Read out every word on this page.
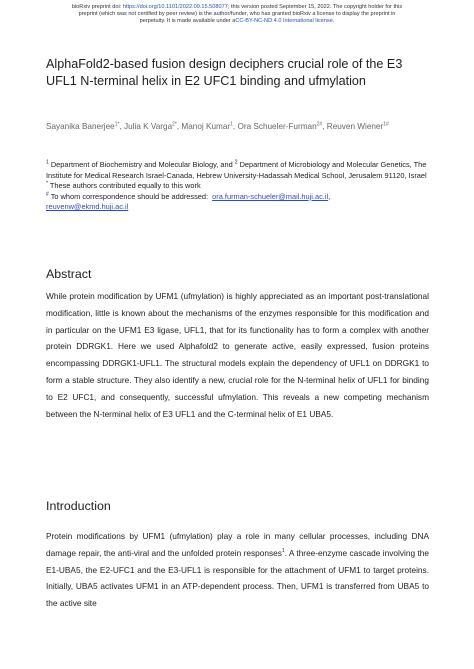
bioRxiv preprint doi: https://doi.org/10.1101/2022.09.15.508077; this version posted September 15, 2022. The copyright holder for this
preprint (which was not certified by peer review) is the author/funder, who has granted bioRxiv a license to display the preprint in
perpetuity. It is made available under aCC-BY-NC-ND 4.0 International license.
AlphaFold2-based fusion design deciphers crucial role of the E3 UFL1 N-terminal helix in E2 UFC1 binding and ufmylation
Sayanika Banerjee$^{1*}$, Julia K Varga$^{2*}$, Manoj Kumar$^1$, Ora Schueler-Furman$^{2\#}$, Reuven Wiener$^{1\#}$
$^1$ Department of Biochemistry and Molecular Biology, and $^2$ Department of Microbiology and Molecular Genetics, The Institute for Medical Research Israel-Canada, Hebrew University-Hadassah Medical School, Jerusalem 91120, Israel
* These authors contributed equally to this work
# To whom correspondence should be addressed: ora.furman-schueler@mail.huji.ac.il,
reuvenw@ekmd.huji.ac.il
Abstract

While protein modification by UFM1 (ufmylation) is highly appreciated as an important post-translational modification, little is known about the mechanisms of the enzymes responsible for this modification and in particular on the UFM1 E3 ligase, UFL1, that for its functionality has to form a complex with another protein DDRGK1. Here we used Alphafold2 to generate active, easily expressed, fusion proteins encompassing DDRGK1-UFL1. The structural models explain the dependency of UFL1 on DDRGK1 to form a stable structure. They also identify a new, crucial role for the N-terminal helix of UFL1 for binding to E2 UFC1, and consequently, successful ufmylation. This reveals a new competing mechanism between the N-terminal helix of E3 UFL1 and the C-terminal helix of E1 UBA5.

Introduction

Protein modifications by UFM1 (ufmylation) play a role in many cellular processes, including DNA damage repair, the anti-viral and the unfolded protein responses$^1$. A three-enzyme cascade involving the E1-UBA5, the E2-UFC1 and the E3-UFL1 is responsible for the attachment of UFM1 to target proteins. Initially, UBA5 activates UFM1 in an ATP-dependent process. Then, UFM1 is transferred from UBA5 to the active site
